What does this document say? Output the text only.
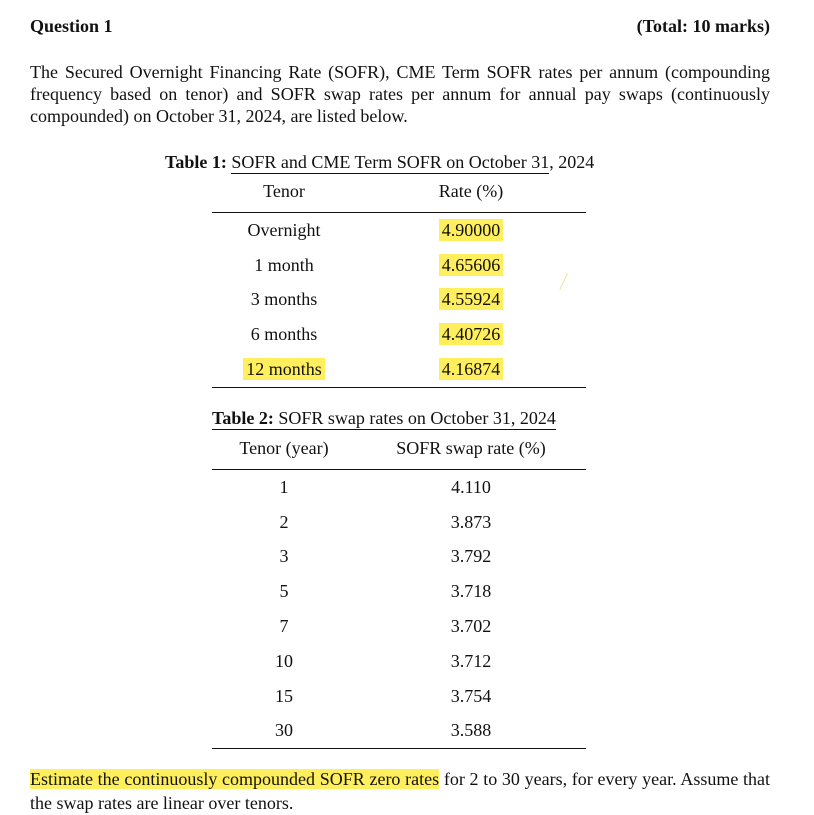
Question 1	(Total: 10 marks)

The Secured Overnight Financing Rate (SOFR), CME Term SOFR rates per annum (compounding frequency based on tenor) and SOFR swap rates per annum for annual pay swaps (continuously compounded) on October 31, 2024, are listed below.

Table 1: SOFR and CME Term SOFR on October 31, 2024
Tenor	Rate (%)
Overnight	4.90000
1 month	4.65606
3 months	4.55924
6 months	4.40726
12 months	4.16874
Table 2: SOFR swap rates on October 31, 2024
Tenor (year)	SOFR swap rate (%)
1	4.110
2	3.873
3	3.792
5	3.718
7	3.702
10	3.712
15	3.754
30	3.588

Estimate the continuously compounded SOFR zero rates for 2 to 30 years, for every year. Assume that the swap rates are linear over tenors.
